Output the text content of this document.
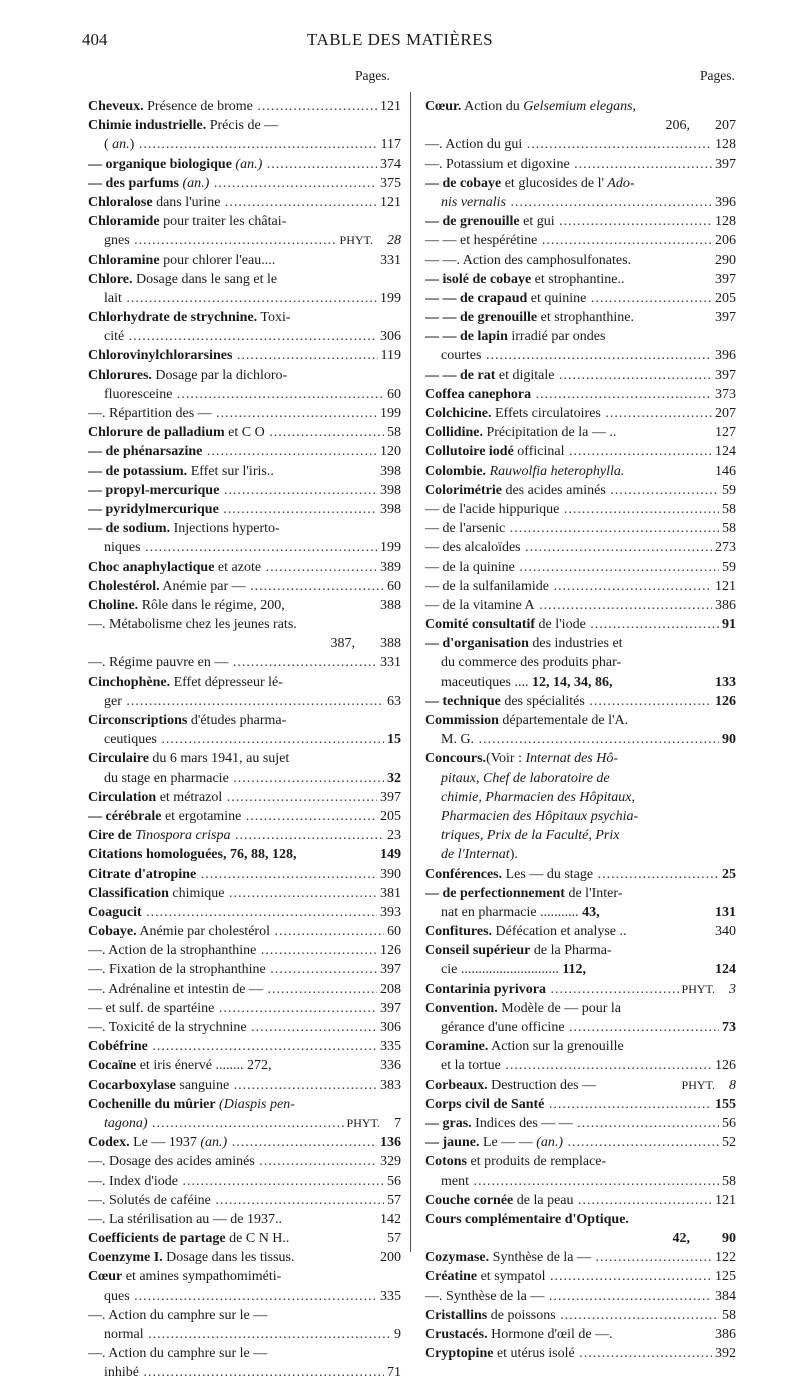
404	TABLE DES MATIÈRES
Pages.	Pages.
Cheveux. Présence de brome .....	121
Chimie industrielle. Précis de —
( an.) .....	117
— organique biologique (an.) .....	374
— des parfums (an.) .....	375
Chloralose dans l'urine .....	121
Chloramide pour traiter les châtai-
gnes .....	PHYT.  28
Chloramine pour chlorer l'eau....	331
Chlore. Dosage dans le sang et le
lait .....	199
Chlorhydrate de strychnine. Toxi-
cité .....	306
Chlorovinylchlorarsines .....	119
Chlorures. Dosage par la dichloro-
fluoresceine .....	60
—. Répartition des — .....	199
Chlorure de palladium et C O .....	58
— de phénarsazine .....	120
— de potassium. Effet sur l'iris..	398
— propyl-mercurique .....	398
— pyridylmercurique .....	398
— de sodium. Injections hyperto-
niques .....	199
Choc anaphylactique et azote .....	389
Cholestérol. Anémie par — .....	60
Choline. Rôle dans le régime, 200,	388
—. Métabolisme chez les jeunes rats.
387,	388
—. Régime pauvre en — .....	331
Cinchophène. Effet dépresseur lé-
ger .....	63
Circonscriptions d'études pharma-
ceutiques .....	15
Circulaire du 6 mars 1941, au sujet
du stage en pharmacie .....	32
Circulation et métrazol .....	397
— cérébrale et ergotamine .....	205
Cire de Tinospora crispa .....	23
Citations homologuées, 76, 88, 128,	149
Citrate d'atropine .....	390
Classification chimique .....	381
Coagucit .....	393
Cobaye. Anémie par cholestérol .....	60
—. Action de la strophanthine .....	126
—. Fixation de la strophanthine .....	397
—. Adrénaline et intestin de — .....	208
— et sulf. de spartéine .....	397
—. Toxicité de la strychnine .....	306
Cobéfrine .....	335
Cocaïne et iris énervé ........ 272,	336
Cocarboxylase sanguine .....	383
Cochenille du mûrier (Diaspis pen-
tagona) .....	PHYT.  7
Codex. Le — 1937 (an.) .....	136
—. Dosage des acides aminés .....	329
—. Index d'iode .....	56
—. Solutés de caféine .....	57
—. La stérilisation au — de 1937..	142
Coefficients de partage de C N H..	57
Coenzyme I. Dosage dans les tissus.	200
Cœur et amines sympathomiméti-
ques .....	335
—. Action du camphre sur le —
normal .....	9
—. Action du camphre sur le —
inhibé .....	71
Cœur. Action du Gelsemium elegans,
206,	207
—. Action du gui .....	128
—. Potassium et digoxine .....	397
— de cobaye et glucosides de l' Ado-
nis vernalis .....	396
— de grenouille et gui .....	128
— — et hespérétine .....	206
— —. Action des camphosulfonates.	290
— isolé de cobaye et strophantine..	397
— — de crapaud et quinine .....	205
— — de grenouille et strophanthine.	397
— — de lapin irradié par ondes
courtes .....	396
— — de rat et digitale .....	397
Coffea canephora .....	373
Colchicine. Effets circulatoires .....	207
Collidine. Précipitation de la — ..	127
Collutoire iodé officinal .....	124
Colombie. Rauwolfia heterophylla.	146
Colorimétrie des acides aminés .....	59
— de l'acide hippurique .....	58
— de l'arsenic .....	58
— des alcaloïdes .....	273
— de la quinine .....	59
— de la sulfanilamide .....	121
— de la vitamine A .....	386
Comité consultatif de l'iode .....	91
— d'organisation des industries et
du commerce des produits phar-
maceutiques .... 12, 14, 34, 86,	133
— technique des spécialités .....	126
Commission départementale de l'A.
M. G. .....	90
Concours.(Voir : Internat des Hô-
pitaux, Chef de laboratoire de
chimie, Pharmacien des Hôpitaux,
Pharmacien des Hôpitaux psychia-
triques, Prix de la Faculté, Prix
de l'Internat).
Conférences. Les — du stage .....	25
— de perfectionnement de l'Inter-
nat en pharmacie ........... 43,	131
Confitures. Défécation et analyse ..	340
Conseil supérieur de la Pharma-
cie ............................ 112,	124
Contarinia pyrivora .....	PHYT.  3
Convention. Modèle de — pour la
gérance d'une officine .....	73
Coramine. Action sur la grenouille
et la tortue .....	126
Corbeaux. Destruction des —	PHYT.  8
Corps civil de Santé .....	155
— gras. Indices des — — .....	56
— jaune. Le — — (an.) .....	52
Cotons et produits de remplace-
ment .....	58
Couche cornée de la peau .....	121
Cours complémentaire d'Optique.
42,	90
Cozymase. Synthèse de la — .....	122
Créatine et sympatol .....	125
—. Synthèse de la — .....	384
Cristallins de poissons .....	58
Crustacés. Hormone d'œil de —.	386
Cryptopine et utérus isolé .....	392
